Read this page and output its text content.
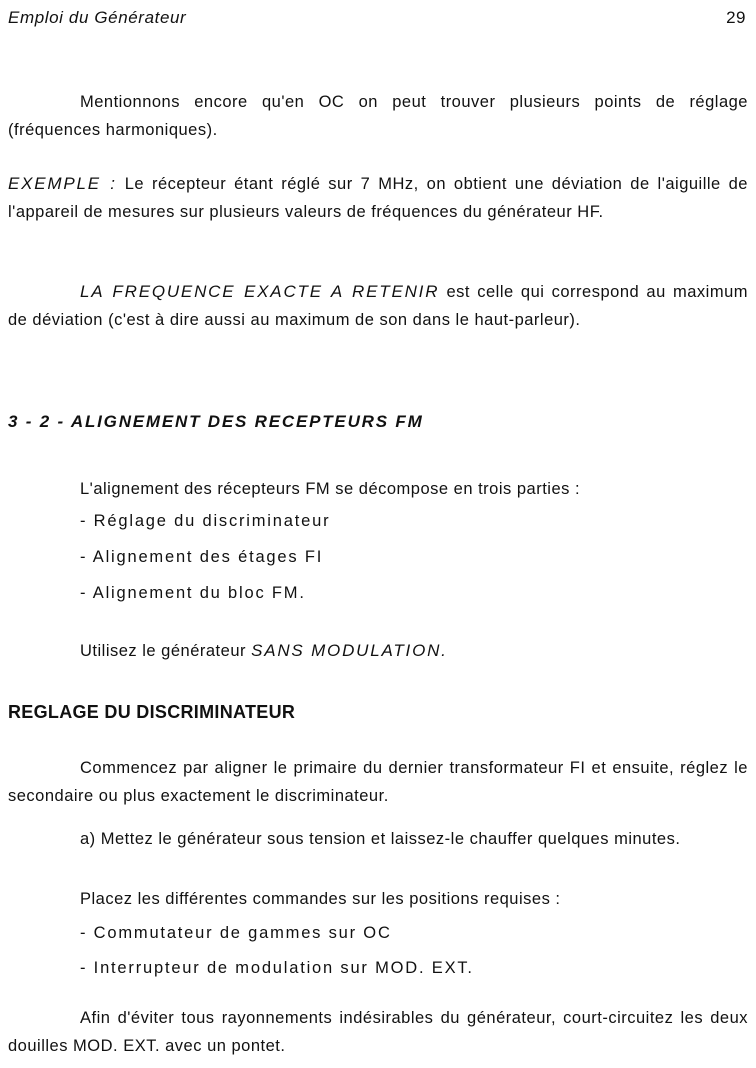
Emploi du Générateur	29

Mentionnons encore qu'en OC on peut trouver plusieurs points de réglage (fréquences harmoniques).

EXEMPLE : Le récepteur étant réglé sur 7 MHz, on obtient une déviation de l'aiguille de l'appareil de mesures sur plusieurs valeurs de fréquences du générateur HF.

LA FREQUENCE EXACTE A RETENIR est celle qui correspond au maximum de déviation (c'est à dire aussi au maximum de son dans le haut-parleur).

3 - 2 - ALIGNEMENT DES RECEPTEURS FM

L'alignement des récepteurs FM se décompose en trois parties :

- Réglage du discriminateur

- Alignement des étages FI

- Alignement du bloc FM.

Utilisez le générateur SANS MODULATION.

REGLAGE DU DISCRIMINATEUR

Commencez par aligner le primaire du dernier transformateur FI et ensuite, réglez le secondaire ou plus exactement le discriminateur.

a) Mettez le générateur sous tension et laissez-le chauffer quelques minutes.

Placez les différentes commandes sur les positions requises :

- Commutateur de gammes sur OC

- Interrupteur de modulation sur MOD. EXT.

Afin d'éviter tous rayonnements indésirables du générateur, court-circuitez les deux douilles MOD. EXT. avec un pontet.
